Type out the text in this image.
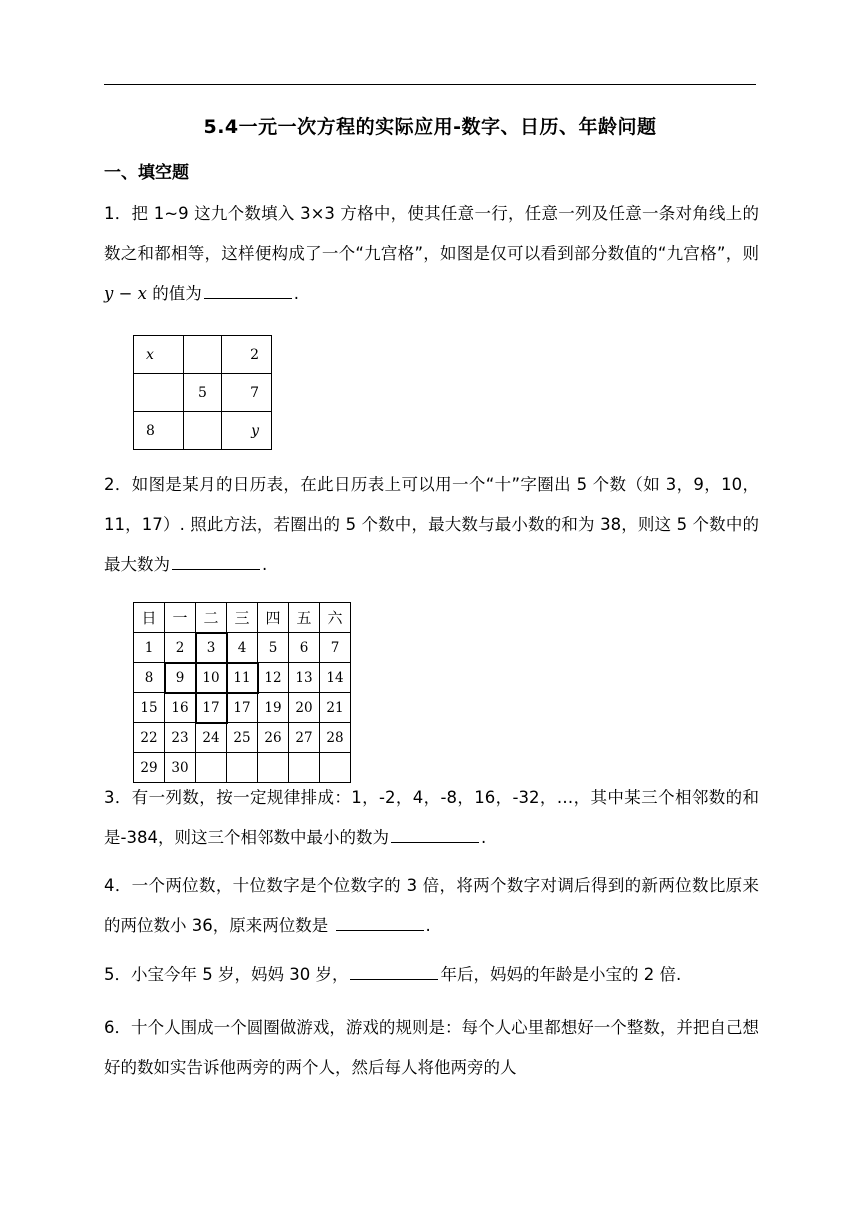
5.4一元一次方程的实际应用-数字、日历、年龄问题
一、填空题
1．把 1~9 这九个数填入 3×3 方格中，使其任意一行，任意一列及任意一条对角线上的数之和都相等，这样便构成了一个“九宫格”，如图是仅可以看到部分数值的“九宫格”，则 y − x 的值为	.
x		2
	5	7
8		y
2．如图是某月的日历表，在此日历表上可以用一个“十”字圈出 5 个数（如 3，9，10，11，17）. 照此方法，若圈出的 5 个数中，最大数与最小数的和为 38，则这 5 个数中的最大数为	.
日	一	二	三	四	五	六
1	2	3	4	5	6	7
8	9	10	11	12	13	14
15	16	17	17	19	20	21
22	23	24	25	26	27	28
29	30					
3．有一列数，按一定规律排成：1，-2，4，-8，16，-32，…，其中某三个相邻数的和是-384，则这三个相邻数中最小的数为	.
4．一个两位数，十位数字是个位数字的 3 倍，将两个数字对调后得到的新两位数比原来的两位数小 36，原来两位数是	.
5．小宝今年 5 岁，妈妈 30 岁，	年后，妈妈的年龄是小宝的 2 倍.
6．十个人围成一个圆圈做游戏，游戏的规则是：每个人心里都想好一个整数，并把自己想好的数如实告诉他两旁的两个人，然后每人将他两旁的人
